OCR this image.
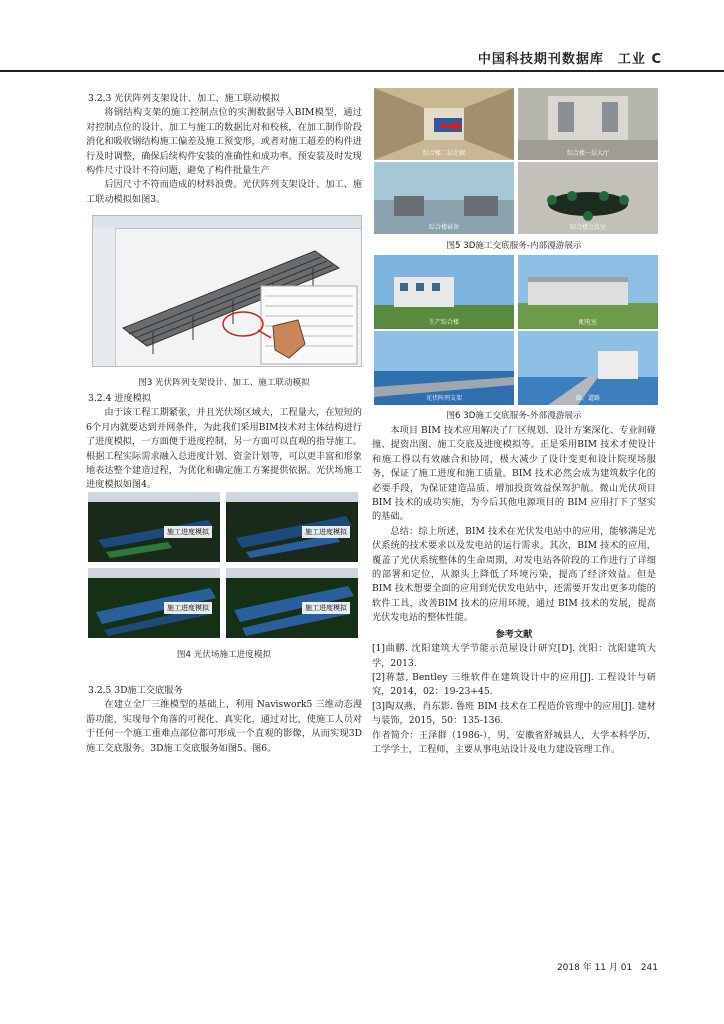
中国科技期刊数据库　工业 C

3.2.3 光伏阵列支架设计、加工、施工联动模拟

将钢结构支架的施工控制点位的实测数据导入BIM模型，通过对控制点位的设计、加工与施工的数据比对和校核，在加工制作阶段消化和吸收钢结构施工偏差及施工预变形，或者对施工超差的构件进行及时调整，确保后续构件安装的准确性和成功率。预安装及时发现构件尺寸设计不符问题，避免了构件批量生产

后因尺寸不符而造成的材料浪费。光伏阵列支架设计、加工、施工联动模拟如图3。

图3 光伏阵列支架设计、加工、施工联动模拟

3.2.4 进度模拟

由于该工程工期紧张，并且光伏场区域大，工程量大，在短短的6个月内就要达到并网条件，为此我们采用BIM技术对主体结构进行了进度模拟，一方面便于进度控制，另一方面可以直观的指导施工。根据工程实际需求融入总进度计划、资金计划等，可以更丰富和形象地表达整个建造过程，为优化和确定施工方案提供依据。光伏场施工进度模拟如图4。

施工进度模拟	施工进度模拟
施工进度模拟	施工进度模拟

图4 光伏场施工进度模拟

3.2.5 3D施工交底服务

在建立全厂三维模型的基础上，利用 Naviswork5 三维动态漫游功能，实现每个角落的可视化、真实化，通过对比，使施工人员对于任何一个施工重难点部位都可形成一个直观的影像，从而实现3D施工交底服务。3D施工交底服务如图5、图6。

综合楼二层走廊	综合楼一层大厅
综合楼宿舍	综合楼会议室

图5 3D施工交底服务-内部漫游展示

生产综合楼	配电室
光伏阵列支架	路、道路

图6 3D施工交底服务-外部漫游展示

本项目 BIM 技术应用解决了厂区规划、设计方案深化、专业间碰撞、提资出图、施工交底及进度模拟等。正是采用BIM 技术才使设计和施工得以有效融合和协同，极大减少了设计变更和设计院现场服务，保证了施工进度和施工质量。BIM 技术必然会成为建筑数字化的必要手段，为保证建造品质、增加投资效益保驾护航。微山光伏项目 BIM 技术的成功实施，为今后其他电源项目的 BIM 应用打下了坚实的基础。

总结：综上所述，BIM 技术在光伏发电站中的应用，能够满足光伏系统的技术要求以及发电站的运行需求。其次，BIM 技术的应用，覆盖了光伏系统整体的生命周期，对发电站各阶段的工作进行了详细的部署和定位，从源头上降低了环境污染，提高了经济效益。但是 BIM 技术想要全面的应用到光伏发电站中，还需要开发出更多功能的软件工具，改善BIM 技术的应用环境，通过 BIM 技术的发展，提高光伏发电站的整体性能。

参考文献

[1]曲鹏. 沈阳建筑大学节能示范屋设计研究[D]. 沈阳：沈阳建筑大学，2013.

[2]蒋慧, Bentley 三维软件在建筑设计中的应用[J]. 工程设计与研究，2014，02：19-23+45.

[3]陶双燕，肖东影. 鲁班 BIM 技术在工程造价管理中的应用[J]. 建材与装饰，2015，50：135-136.

作者简介：王泽群（1986-），男，安徽省舒城县人，大学本科学历，工学学士，工程师，主要从事电站设计及电力建设管理工作。

2018 年 11 月 01 241
